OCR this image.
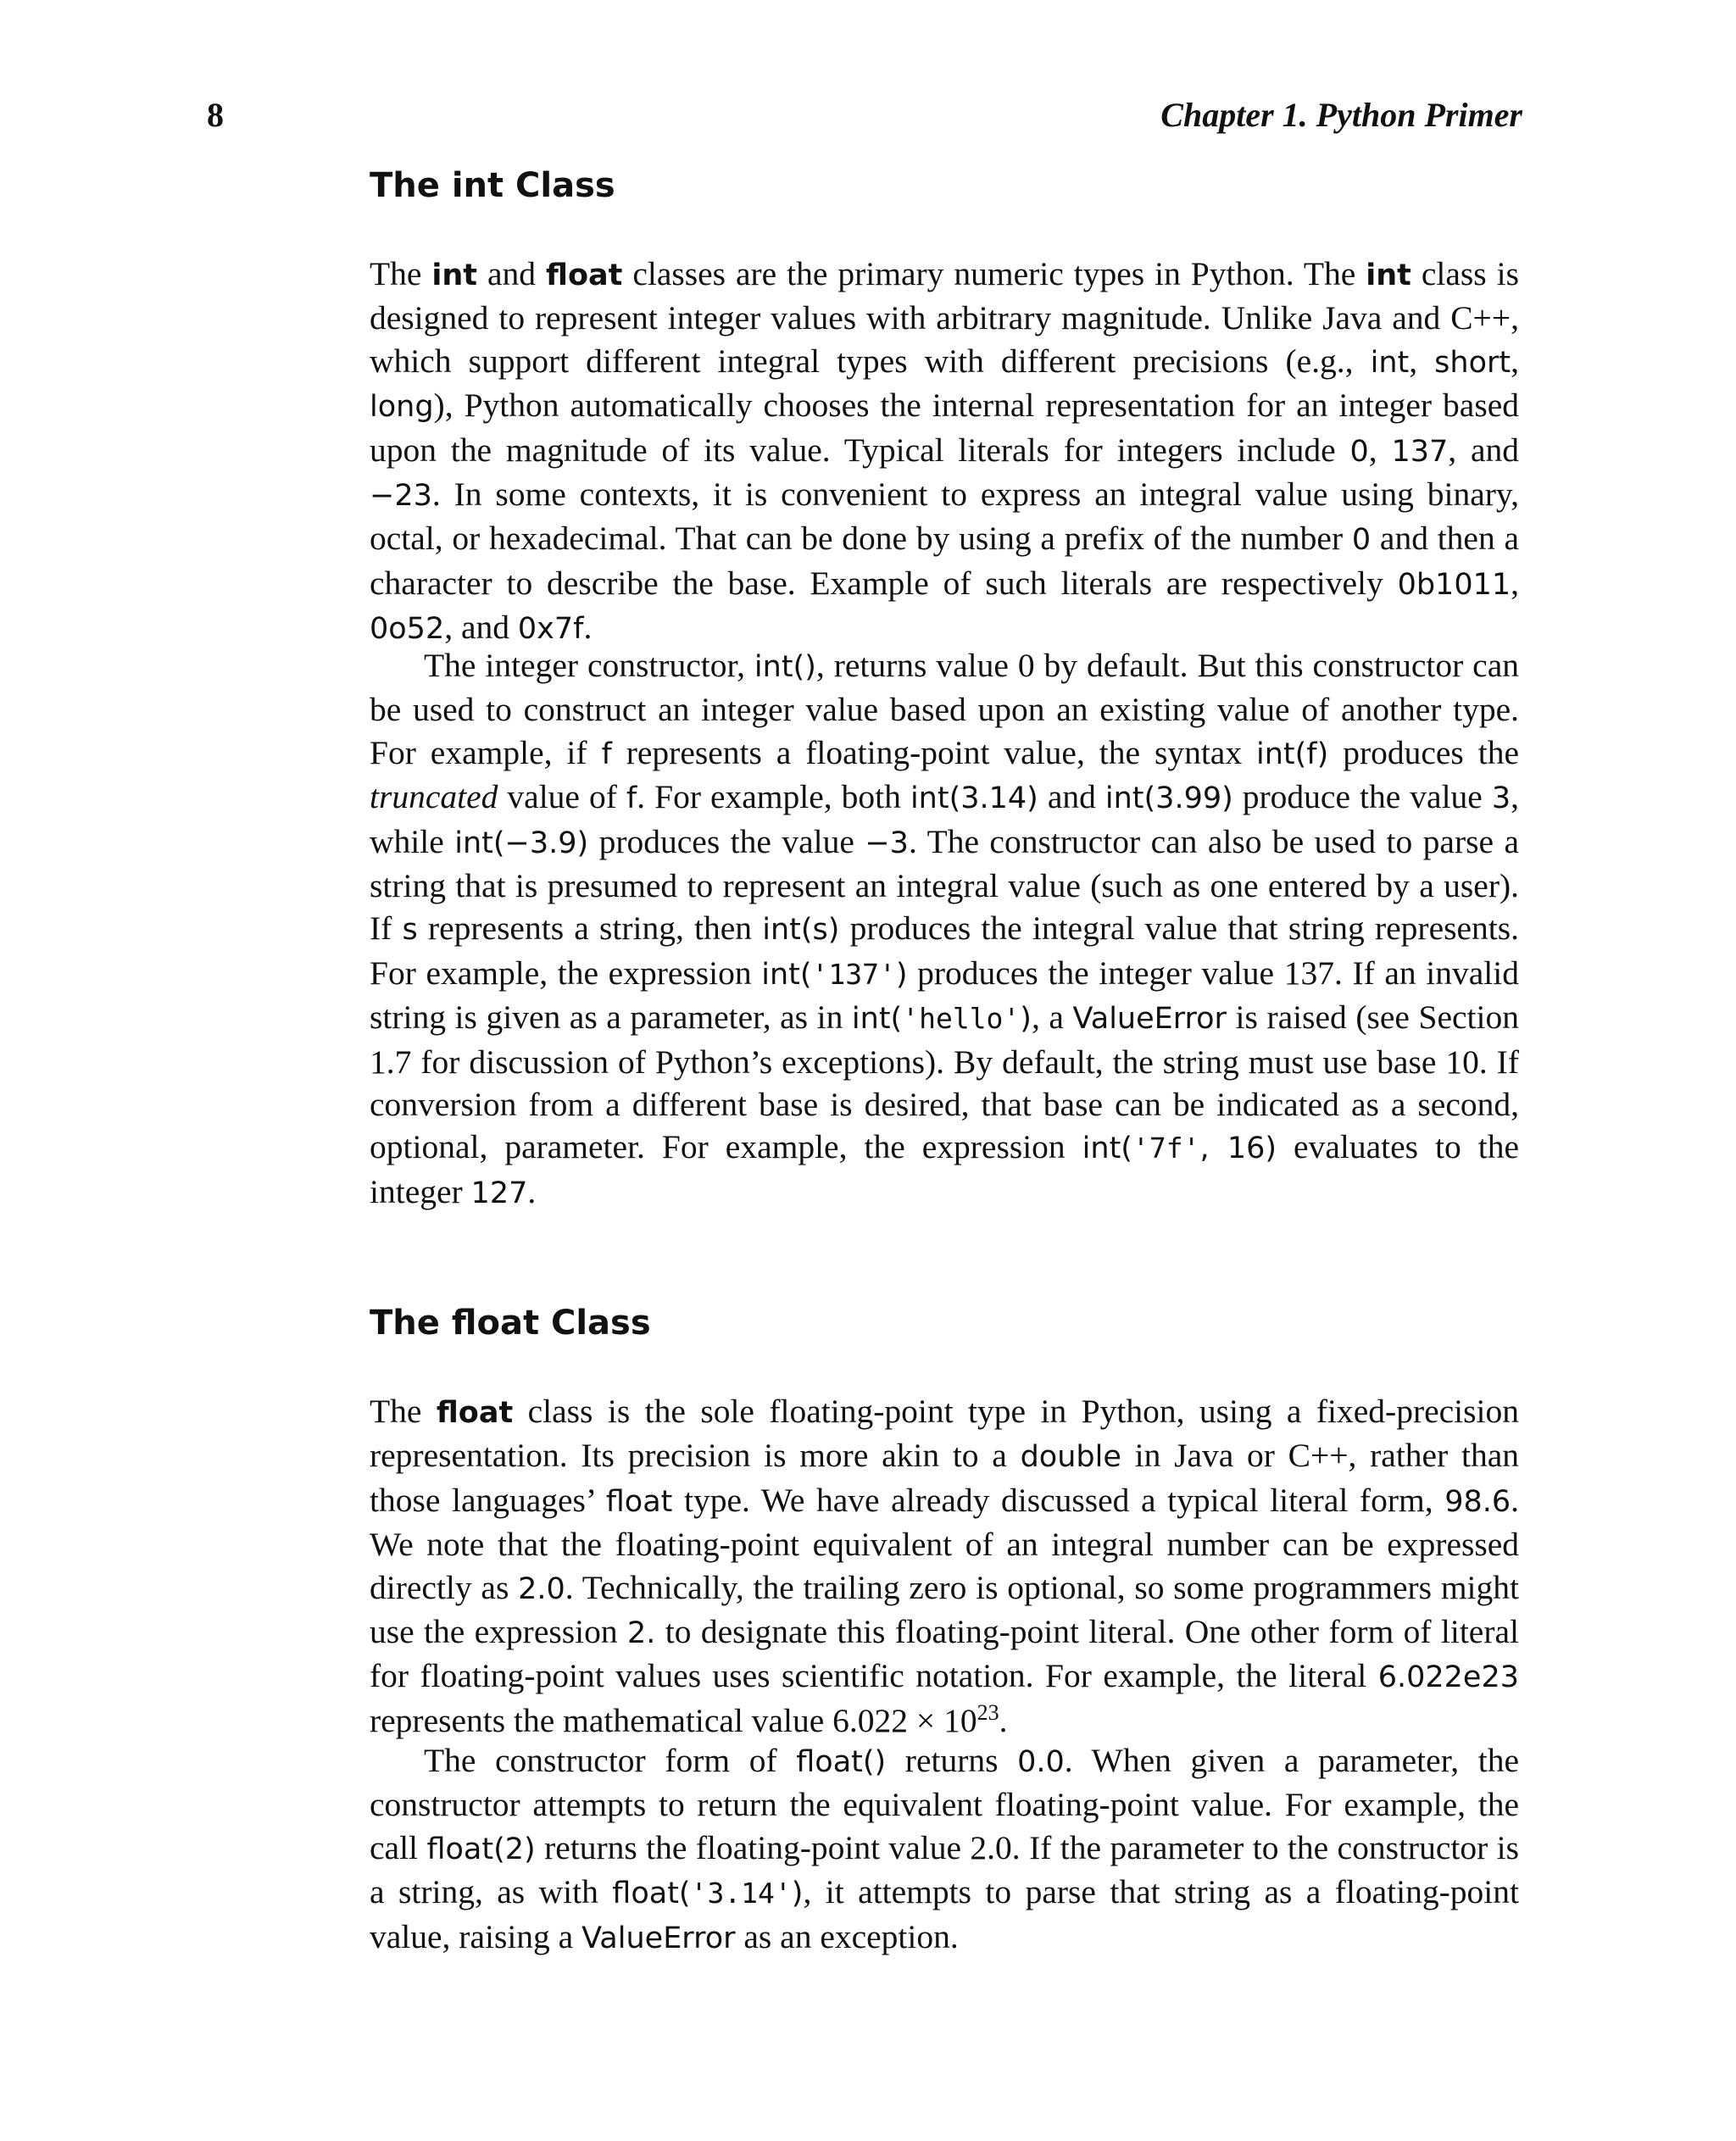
8	Chapter 1. Python Primer
The int Class

The int and float classes are the primary numeric types in Python. The int class is designed to represent integer values with arbitrary magnitude. Unlike Java and C++, which support different integral types with different precisions (e.g., int, short, long), Python automatically chooses the internal representation for an integer based upon the magnitude of its value. Typical literals for integers include 0, 137, and −23. In some contexts, it is convenient to express an integral value using binary, octal, or hexadecimal. That can be done by using a prefix of the number 0 and then a character to describe the base. Example of such literals are respectively 0b1011, 0o52, and 0x7f.

The integer constructor, int(), returns value 0 by default. But this constructor can be used to construct an integer value based upon an existing value of another type. For example, if f represents a floating-point value, the syntax int(f) produces the truncated value of f. For example, both int(3.14) and int(3.99) produce the value 3, while int(−3.9) produces the value −3. The constructor can also be used to parse a string that is presumed to represent an integral value (such as one entered by a user). If s represents a string, then int(s) produces the integral value that string represents. For example, the expression int('137') produces the integer value 137. If an invalid string is given as a parameter, as in int('hello'), a ValueError is raised (see Section 1.7 for discussion of Python’s exceptions). By default, the string must use base 10. If conversion from a different base is desired, that base can be indicated as a second, optional, parameter. For example, the expression int('7f', 16) evaluates to the integer 127.

The float Class

The float class is the sole floating-point type in Python, using a fixed-precision representation. Its precision is more akin to a double in Java or C++, rather than those languages’ float type. We have already discussed a typical literal form, 98.6. We note that the floating-point equivalent of an integral number can be expressed directly as 2.0. Technically, the trailing zero is optional, so some programmers might use the expression 2. to designate this floating-point literal. One other form of literal for floating-point values uses scientific notation. For example, the literal 6.022e23 represents the mathematical value $6.022 \times 10^{23}$.

The constructor form of float() returns 0.0. When given a parameter, the constructor attempts to return the equivalent floating-point value. For example, the call float(2) returns the floating-point value 2.0. If the parameter to the constructor is a string, as with float('3.14'), it attempts to parse that string as a floating-point value, raising a ValueError as an exception.
